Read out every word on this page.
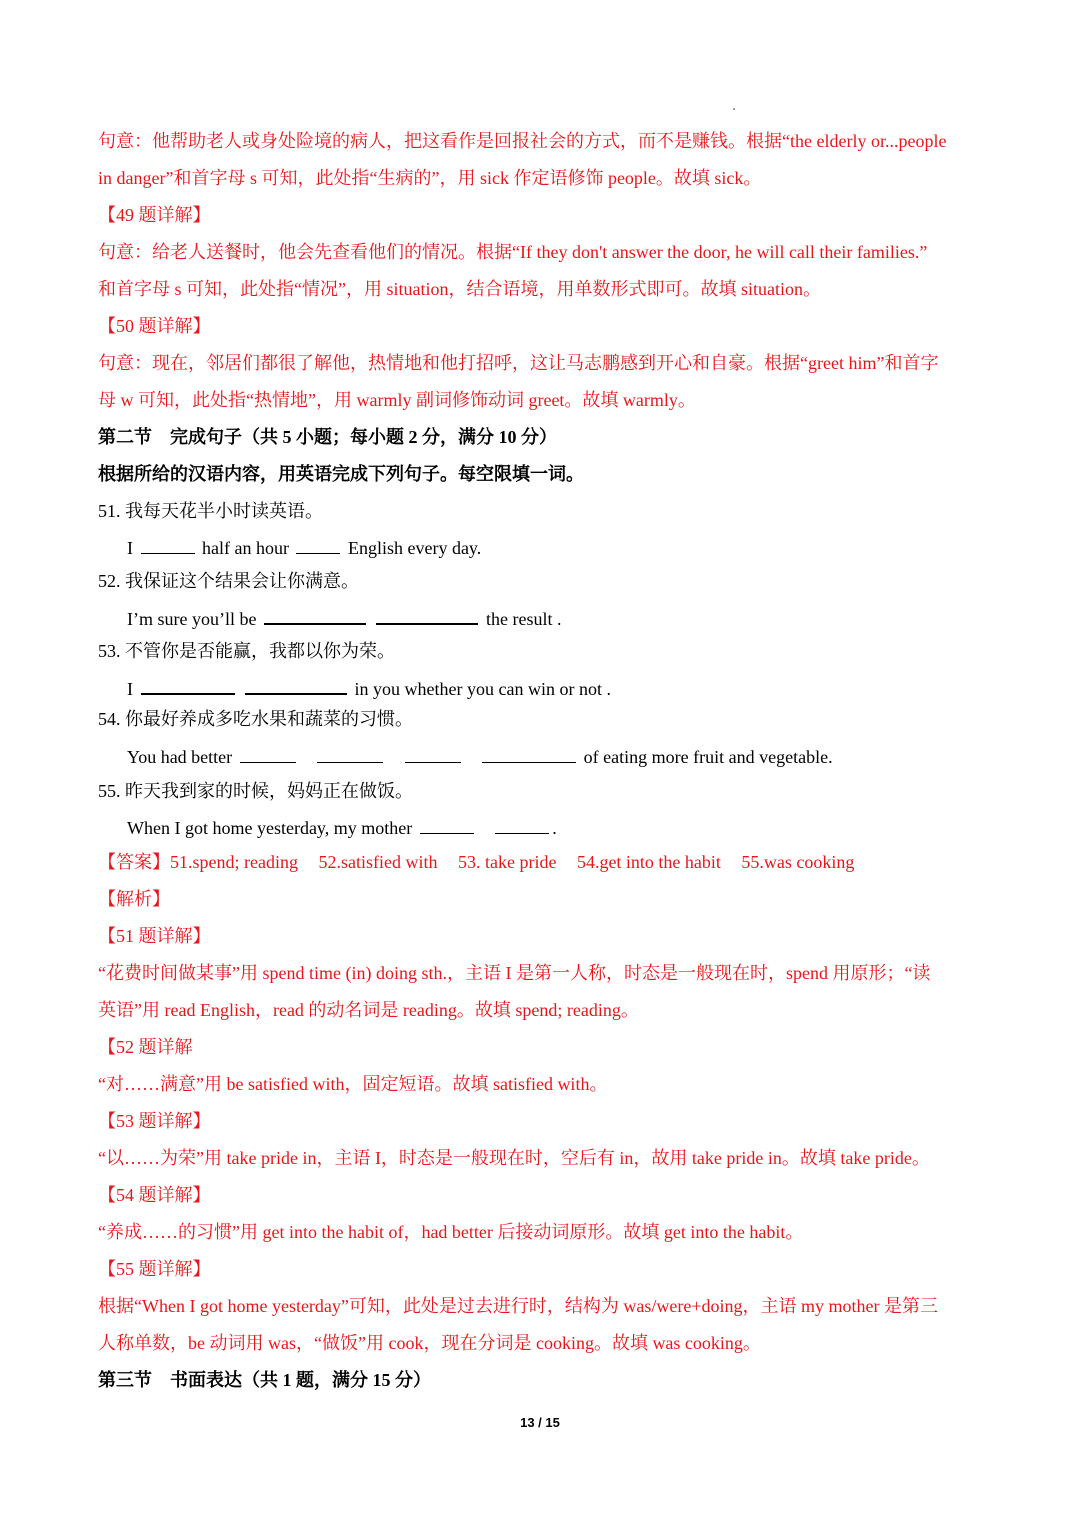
句意：他帮助老人或身处险境的病人，把这看作是回报社会的方式，而不是赚钱。根据“the elderly or...people
in danger”和首字母 s 可知，此处指“生病的”，用 sick 作定语修饰 people。故填 sick。
【49 题详解】
句意：给老人送餐时，他会先查看他们的情况。根据“If they don't answer the door, he will call their families.”
和首字母 s 可知，此处指“情况”，用 situation，结合语境，用单数形式即可。故填 situation。
【50 题详解】
句意：现在，邻居们都很了解他，热情地和他打招呼，这让马志鹏感到开心和自豪。根据“greet him”和首字
母 w 可知，此处指“热情地”，用 warmly 副词修饰动词 greet。故填 warmly。
第二节    完成句子（共 5 小题；每小题 2 分，满分 10 分）
根据所给的汉语内容，用英语完成下列句子。每空限填一词。
51. 我每天花半小时读英语。
I	half an hour	English every day.
52. 我保证这个结果会让你满意。
I’m sure you’ll be	the result .
53. 不管你是否能赢，我都以你为荣。
I	in you whether you can win or not .
54. 你最好养成多吃水果和蔬菜的习惯。
You had better	of eating more fruit and vegetable.
55. 昨天我到家的时候，妈妈正在做饭。
When I got home yesterday, my mother	.
【答案】51.spend; reading 52.satisfied with 53. take pride 54.get into the habit 55.was cooking
【解析】
【51 题详解】
“花费时间做某事”用 spend time (in) doing sth.，主语 I 是第一人称，时态是一般现在时，spend 用原形；“读
英语”用 read English，read 的动名词是 reading。故填 spend; reading。
【52 题详解
“对……满意”用 be satisfied with，固定短语。故填 satisfied with。
【53 题详解】
“以……为荣”用 take pride in，主语 I，时态是一般现在时，空后有 in，故用 take pride in。故填 take pride。
【54 题详解】
“养成……的习惯”用 get into the habit of，had better 后接动词原形。故填 get into the habit。
【55 题详解】
根据“When I got home yesterday”可知，此处是过去进行时，结构为 was/were+doing，主语 my mother 是第三
人称单数，be 动词用 was，“做饭”用 cook，现在分词是 cooking。故填 was cooking。
第三节    书面表达（共 1 题，满分 15 分）
13 / 15
